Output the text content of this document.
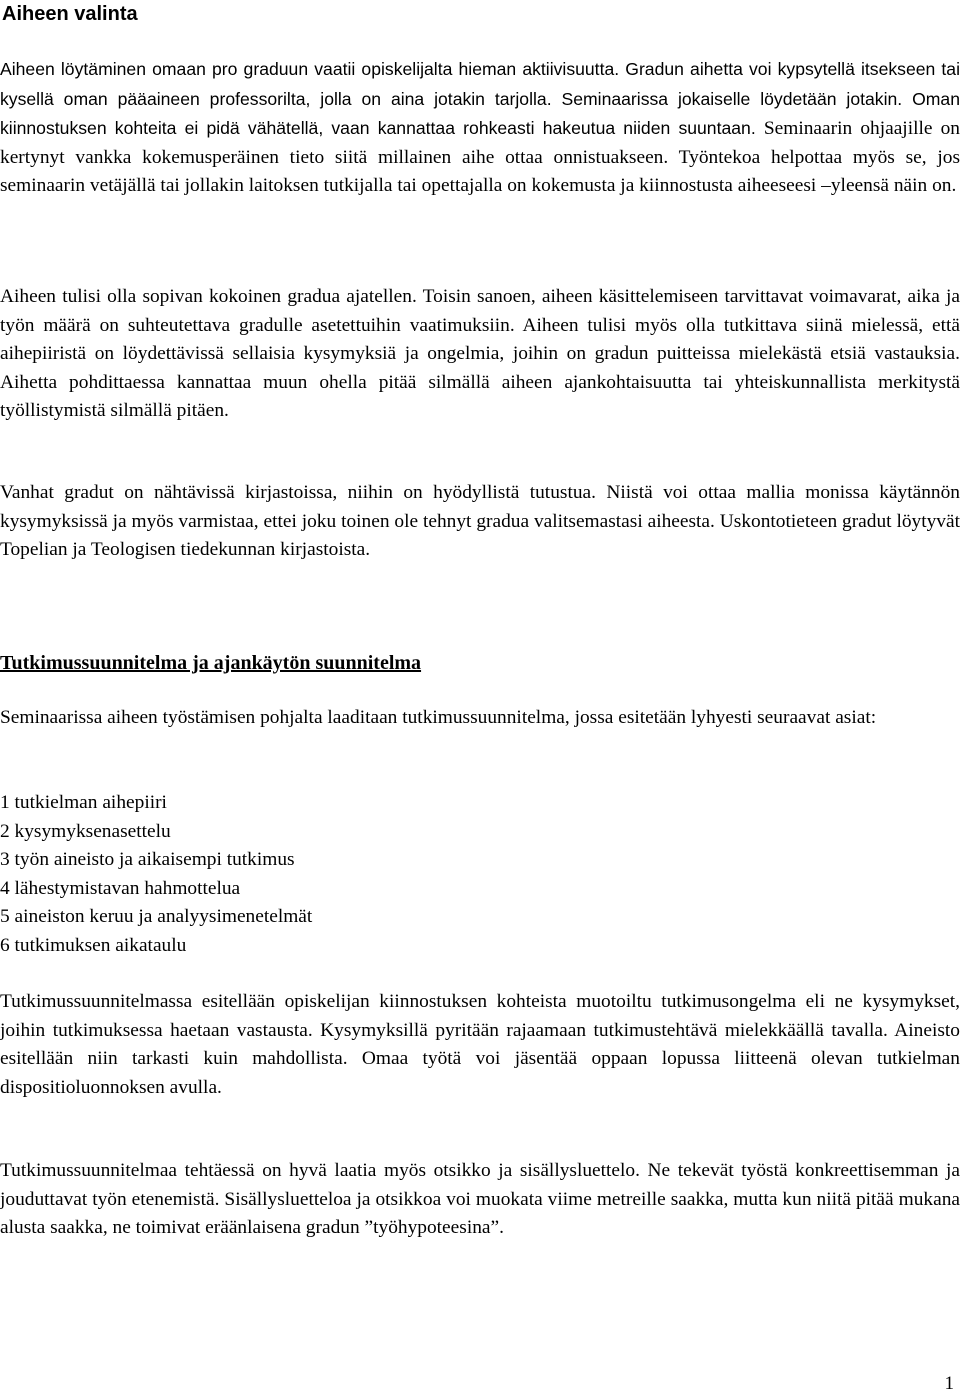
Aiheen valinta

Aiheen löytäminen omaan pro graduun vaatii opiskelijalta hieman aktiivisuutta. Gradun aihetta voi kypsytellä itsekseen tai kysellä oman pääaineen professorilta, jolla on aina jotakin tarjolla. Seminaarissa jokaiselle löydetään jotakin. Oman kiinnostuksen kohteita ei pidä vähätellä, vaan kannattaa rohkeasti hakeutua niiden suuntaan. Seminaarin ohjaajille on kertynyt vankka kokemusperäinen tieto siitä millainen aihe ottaa onnistuakseen. Työntekoa helpottaa myös se, jos seminaarin vetäjällä tai jollakin laitoksen tutkijalla tai opettajalla on kokemusta ja kiinnostusta aiheeseesi –yleensä näin on.

Aiheen tulisi olla sopivan kokoinen gradua ajatellen. Toisin sanoen, aiheen käsittelemiseen tarvittavat voimavarat, aika ja työn määrä on suhteutettava gradulle asetettuihin vaatimuksiin. Aiheen tulisi myös olla tutkittava siinä mielessä, että aihepiiristä on löydettävissä sellaisia kysymyksiä ja ongelmia, joihin on gradun puitteissa mielekästä etsiä vastauksia. Aihetta pohdittaessa kannattaa muun ohella pitää silmällä aiheen ajankohtaisuutta tai yhteiskunnallista merkitystä työllistymistä silmällä pitäen.

Vanhat gradut on nähtävissä kirjastoissa, niihin on hyödyllistä tutustua. Niistä voi ottaa mallia monissa käytännön kysymyksissä ja myös varmistaa, ettei joku toinen ole tehnyt gradua valitsemastasi aiheesta. Uskontotieteen gradut löytyvät Topelian ja Teologisen tiedekunnan kirjastoista.

Tutkimussuunnitelma ja ajankäytön suunnitelma

Seminaarissa aiheen työstämisen pohjalta laaditaan tutkimussuunnitelma, jossa esitetään lyhyesti seuraavat asiat:

1 tutkielman aihepiiri
2 kysymyksenasettelu
3 työn aineisto ja aikaisempi tutkimus
4 lähestymistavan hahmottelua
5 aineiston keruu ja analyysimenetelmät
6 tutkimuksen aikataulu

Tutkimussuunnitelmassa esitellään opiskelijan kiinnostuksen kohteista muotoiltu tutkimusongelma eli ne kysymykset, joihin tutkimuksessa haetaan vastausta. Kysymyksillä pyritään rajaamaan tutkimustehtävä mielekkäällä tavalla. Aineisto esitellään niin tarkasti kuin mahdollista. Omaa työtä voi jäsentää oppaan lopussa liitteenä olevan tutkielman dispositioluonnoksen avulla.

Tutkimussuunnitelmaa tehtäessä on hyvä laatia myös otsikko ja sisällysluettelo. Ne tekevät työstä konkreettisemman ja jouduttavat työn etenemistä. Sisällysluetteloa ja otsikkoa voi muokata viime metreille saakka, mutta kun niitä pitää mukana alusta saakka, ne toimivat eräänlaisena gradun ”työhypoteesina”.

1
